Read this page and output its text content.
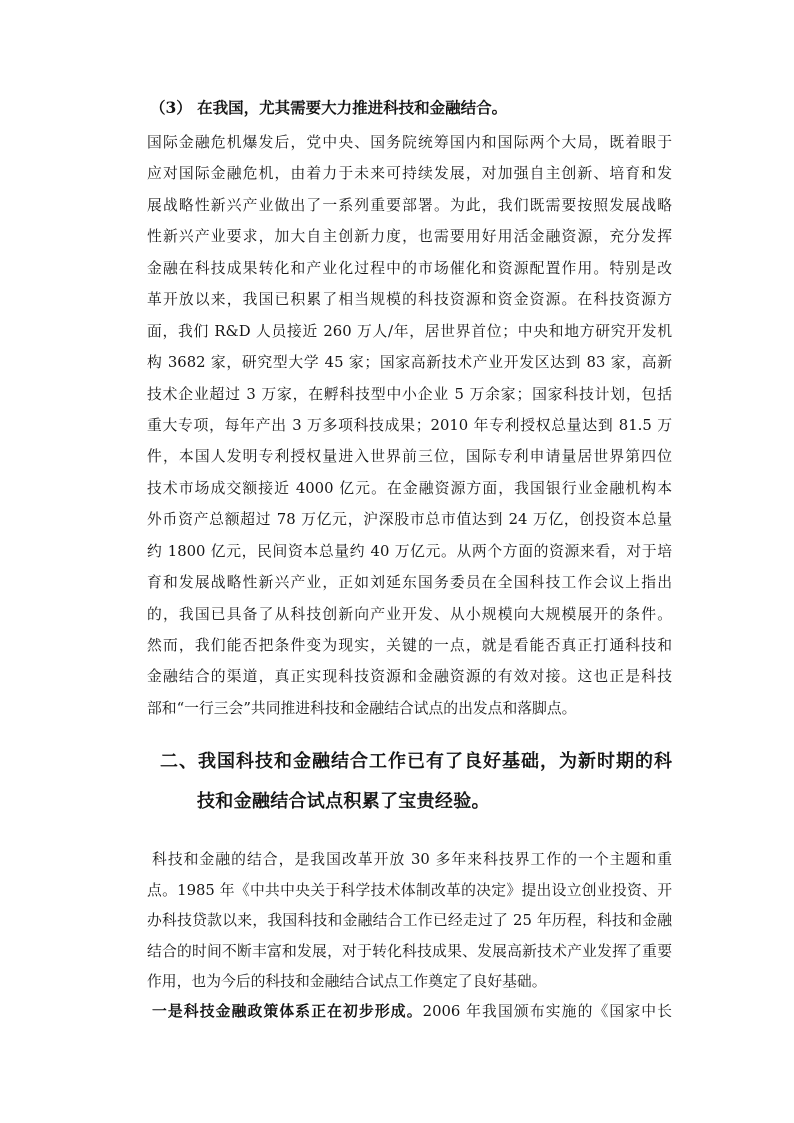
（3） 在我国，尤其需要大力推进科技和金融结合。
国际金融危机爆发后，党中央、国务院统筹国内和国际两个大局，既着眼于
应对国际金融危机，由着力于未来可持续发展，对加强自主创新、培育和发
展战略性新兴产业做出了一系列重要部署。为此，我们既需要按照发展战略
性新兴产业要求，加大自主创新力度，也需要用好用活金融资源，充分发挥
金融在科技成果转化和产业化过程中的市场催化和资源配置作用。特别是改
革开放以来，我国已积累了相当规模的科技资源和资金资源。在科技资源方
面，我们 R&D 人员接近 260 万人/年，居世界首位；中央和地方研究开发机
构 3682 家，研究型大学 45 家；国家高新技术产业开发区达到 83 家，高新
技术企业超过 3 万家，在孵科技型中小企业 5 万余家；国家科技计划，包括
重大专项，每年产出 3 万多项科技成果；2010 年专利授权总量达到 81.5 万
件，本国人发明专利授权量进入世界前三位，国际专利申请量居世界第四位
技术市场成交额接近 4000 亿元。在金融资源方面，我国银行业金融机构本
外币资产总额超过 78 万亿元，沪深股市总市值达到 24 万亿，创投资本总量
约 1800 亿元，民间资本总量约 40 万亿元。从两个方面的资源来看，对于培
育和发展战略性新兴产业，正如刘延东国务委员在全国科技工作会议上指出
的，我国已具备了从科技创新向产业开发、从小规模向大规模展开的条件。
然而，我们能否把条件变为现实，关键的一点，就是看能否真正打通科技和
金融结合的渠道，真正实现科技资源和金融资源的有效对接。这也正是科技
部和“一行三会”共同推进科技和金融结合试点的出发点和落脚点。
二、我国科技和金融结合工作已有了良好基础，为新时期的科
技和金融结合试点积累了宝贵经验。
科技和金融的结合，是我国改革开放 30 多年来科技界工作的一个主题和重
点。1985 年《中共中央关于科学技术体制改革的决定》提出设立创业投资、开
办科技贷款以来，我国科技和金融结合工作已经走过了 25 年历程，科技和金融
结合的时间不断丰富和发展，对于转化科技成果、发展高新技术产业发挥了重要
作用，也为今后的科技和金融结合试点工作奠定了良好基础。
一是科技金融政策体系正在初步形成。2006 年我国颁布实施的《国家中长
